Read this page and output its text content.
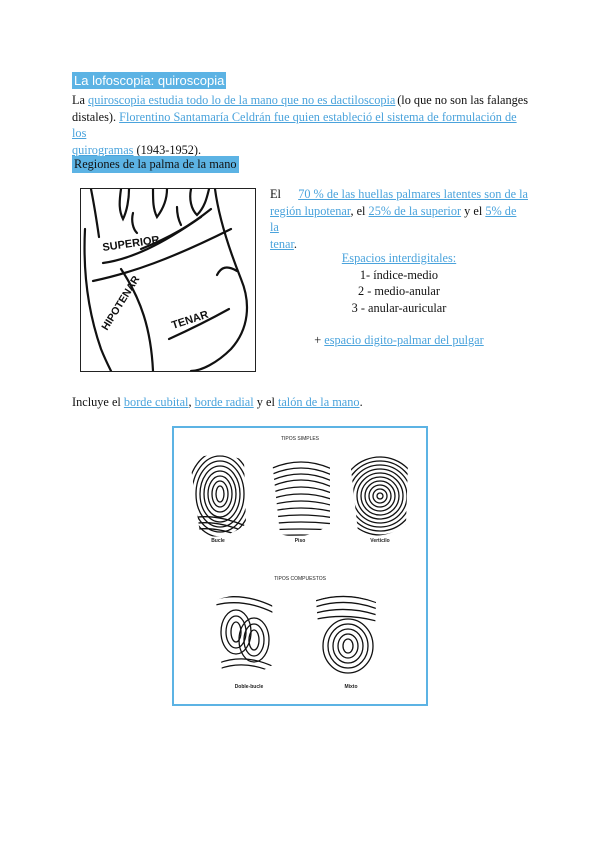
La lofoscopia: quiroscopia
La quiroscopia estudia todo lo de la mano que no es dactiloscopia (lo que no son las falanges
distales). Florentino Santamaría Celdrán fue quien estableció el sistema de formulación de los
quirogramas (1943-1952).
Regiones de la palma de la mano
SUPERIOR
HIPOTENAR	TENAR
El 70 % de las huellas palmares latentes son de la
región lupotenar, el 25% de la superior y el 5% de la
tenar.
Espacios interdigitales:
1- índice-medio
2 - medio-anular
3 - anular-auricular
+ espacio digito-palmar del pulgar
Incluye el borde cubital, borde radial y el talón de la mano.
TIPOS SIMPLES
Bucle	Piso	Verticilo
TIPOS COMPUESTOS
Doble-bucle	Mixto
